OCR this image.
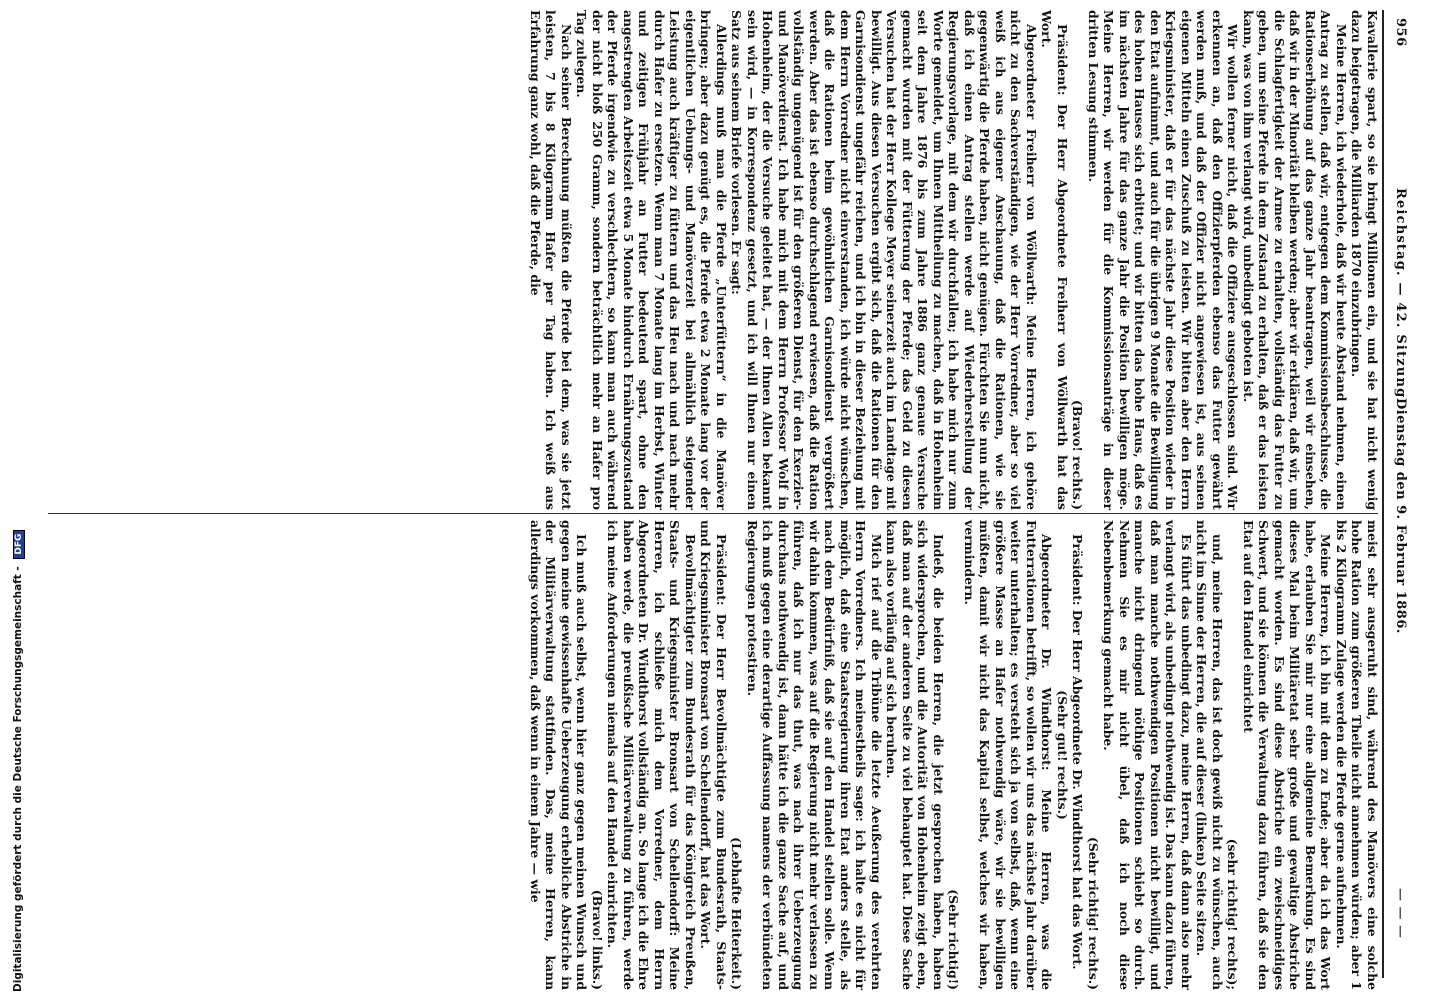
956
Reichstag. — 42. Sitzung.
Dienstag den 9. Februar 1886.
— — —

Kavallerie spart, so sie bringt Millionen ein, und sie hat nicht wenig dazu beigetragen, die Milliarden 1870 einzubringen.

Meine Herren, ich wiederhole, daß wir heute Abstand nehmen, einen Antrag zu stellen, daß wir, entgegen dem Kommissionsbeschlusse, die Rationserhöhung auf das ganze Jahr beantragen, weil wir einsehen, daß wir in der Minorität bleiben werden; aber wir erklären, daß wir, um die Schlagfertigkeit der Armee zu erhalten, vollständig das Futter zu geben, um seine Pferde in dem Zustand zu erhalten, daß er das leisten kann, was von ihm verlangt wird, unbedingt geboten ist.

Wir wollen ferner nicht, daß die Offiziere ausgeschlossen sind. Wir erkennen an, daß den Offizierpferden ebenso das Futter gewährt werden muß, und daß der Offizier nicht angewiesen ist, aus seinen eigenen Mitteln einen Zuschuß zu leisten. Wir bitten aber den Herrn Kriegsminister, daß er für das nächste Jahr diese Position wieder in den Etat aufnimmt, und auch für die übrigen 9 Monate die Bewilligung des hohen Hauses sich erbittet; und wir bitten das hohe Haus, daß es im nächsten Jahre für das ganze Jahr die Position bewilligen möge. Meine Herren, wir werden für die Kommissionsanträge in dieser dritten Lesung stimmen.

(Bravo! rechts.)

Präsident: Der Herr Abgeordnete Freiherr von Wöllwarth hat das Wort.

Abgeordneter Freiherr von Wöllwarth: Meine Herren, ich gehöre nicht zu den Sachverständigen, wie der Herr Vorredner, aber so viel weiß ich aus eigener Anschauung, daß die Rationen, wie sie gegenwärtig die Pferde haben, nicht genügen. Fürchten Sie nun nicht, daß ich einen Antrag stellen werde auf Wiederherstellung der Regierungsvorlage, mit dem wir durchfallen; ich habe mich nur zum Worte gemeldet, um Ihnen Mittheilung zu machen, daß in Hohenheim seit dem Jahre 1876 bis zum Jahre 1886 ganz genaue Versuche gemacht wurden mit der Fütterung der Pferde; das Geld zu diesen Versuchen hat der Herr Kollege Meyer seinerzeit auch im Landtage mit bewilligt. Aus diesen Versuchen ergibt sich, daß die Rationen für den Garnisondienst ungefähr reichen, und ich bin in dieser Beziehung mit dem Herrn Vorredner nicht einverstanden, ich würde nicht wünschen, daß die Rationen beim gewöhnlichen Garnisondienst vergrößert werden. Aber das ist ebenso durchschlagend erwiesen, daß die Ration vollständig ungenügend ist für den größeren Dienst, für den Exerzier- und Manöverdienst. Ich habe mich mit dem Herrn Professor Wolf in Hohenheim, der die Versuche geleitet hat, — der Ihnen Allen bekannt sein wird, — in Korrespondenz gesetzt, und ich will Ihnen nur einen Satz aus seinem Briefe vorlesen. Er sagt:

Allerdings muß man die Pferde „Unterfüttern“ in die Manöver bringen; aber dazu genügt es, die Pferde etwa 2 Monate lang vor der eigentlichen Uebungs- und Manöverzeit bei allmählich steigender Leistung auch kräftiger zu füttern und das Heu nach und nach mehr durch Hafer zu ersetzen. Wenn man 7 Monate lang im Herbst, Winter und zeitigen Frühjahr an Futter bedeutend spart, ohne den angestrengten Arbeitszeit etwa 5 Monate hindurch Ernährungszustand der Pferde irgendwie zu verschlechtern, so kann man auch während der nicht bloß 250 Gramm, sondern beträchtlich mehr an Hafer pro Tag zulegen.

Nach seiner Berechnung müßten die Pferde bei dem, was sie jetzt leisten, 7 bis 8 Kilogramm Hafer per Tag haben. Ich weiß aus Erfahrung ganz wohl, daß die Pferde, die

meist sehr ausgeruht sind, während des Manövers eine solche hohe Ration zum größeren Theile nicht annehmen würden; aber 1 bis 2 Kilogramm Zulage werden die Pferde gerne aufnehmen.

Meine Herren, ich bin mit dem zu Ende; aber da ich das Wort habe, erlauben Sie mir nur eine allgemeine Bemerkung. Es sind dieses Mal beim Militäretat sehr große und gewaltige Abstriche gemacht worden. Es sind diese Abstriche ein zweischneidiges Schwert, und sie können die Verwaltung dazu führen, daß sie den Etat auf den Handel einrichtet

(sehr richtig! rechts);

und, meine Herren, das ist doch gewiß nicht zu wünschen, auch nicht im Sinne der Herren, die auf dieser (linken) Seite sitzen.

Es führt das unbedingt dazu, meine Herren, daß dann also mehr verlangt wird, als unbedingt nothwendig ist. Das kann dazu führen, daß man manche nothwendigen Positionen nicht bewilligt, und manche nicht dringend nöthige Positionen schiebt so durch. Nehmen Sie es mir nicht übel, daß ich noch diese Nebenbemerkung gemacht habe.

(Sehr richtig! rechts.)

Präsident: Der Herr Abgeordnete Dr. Windthorst hat das Wort.

(Sehr gut! rechts.)

Abgeordneter Dr. Windthorst: Meine Herren, was die Futterrationen betrifft, so wollen wir uns das nächste Jahr darüber weiter unterhalten; es versteht sich ja von selbst, daß, wenn eine größere Masse an Hafer nothwendig wäre, wir sie bewilligen müßten, damit wir nicht das Kapital selbst, welches wir haben, vermindern.

(Sehr richtig!)

Indeß, die beiden Herren, die jetzt gesprochen haben, haben sich widersprochen, und die Autorität von Hohenheim zeigt eben, daß man auf der anderen Seite zu viel behauptet hat. Diese Sache kann also vorläufig auf sich beruhen.

Mich rief auf die Tribüne die letzte Aeußerung des verehrten Herrn Vorredners. Ich meinestheils sage: ich halte es nicht für möglich, daß eine Staatsregierung ihren Etat anders stelle, als nach dem Bedürfniß, daß sie auf den Handel stellen solle. Wenn wir dahin kommen, was auf die Regierung nicht mehr verlassen zu führen, daß ich nur das thut, was nach ihrer Ueberzeugung durchaus nothwendig ist, dann hätte ich die ganze Sache auf, und ich muß gegen eine derartige Auffassung namens der verbündeten Regierungen protestiren.

(Lebhafte Heiterkeit.)

Präsident: Der Herr Bevollmächtigte zum Bundesrath, Staats- und Kriegsminister Bronsart von Schellendorff, hat das Wort.

Bevollmächtigter zum Bundesrath für das Königreich Preußen, Staats- und Kriegsminister Bronsart von Schellendorff: Meine Herren, ich schließe mich dem Vorredner, dem Herrn Abgeordneten Dr. Windthorst vollständig an. So lange ich die Ehre haben werde, die preußische Militärverwaltung zu führen, werde ich meine Anforderungen niemals auf den Handel einrichten.

(Bravo! links.)

Ich muß auch selbst, wenn hier ganz gegen meinen Wunsch und gegen meine gewissenhafte Ueberzeugung erhebliche Abstriche in der Militärverwaltung stattfinden. Das, meine Herren, kann allerdings vorkommen, daß wenn in einem Jahre — wie

Digitalisierung gefördert durch die Deutsche Forschungsgemeinschaft - DFG
